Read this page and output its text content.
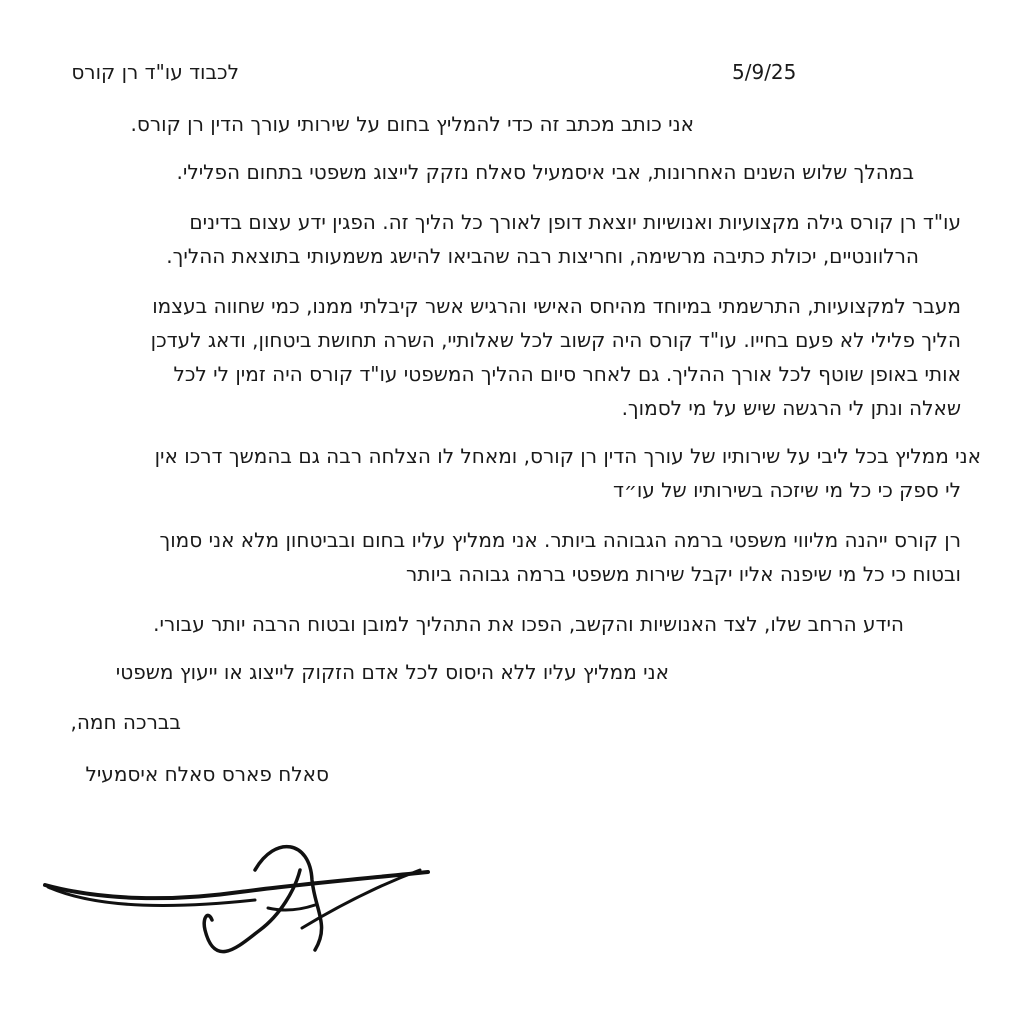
5/9/25
לכבוד עו"ד רן קורס
אני כותב מכתב זה כדי להמליץ בחום על שירותי עורך הדין רן קורס.
במהלך שלוש השנים האחרונות, אבי איסמעיל סאלח נזקק לייצוג משפטי בתחום הפלילי.
עו"ד רן קורס גילה מקצועיות ואנושיות יוצאת דופן לאורך כל הליך זה. הפגין ידע עצום בדינים
הרלוונטיים, יכולת כתיבה מרשימה, וחריצות רבה שהביאו להישג משמעותי בתוצאת ההליך.
מעבר למקצועיות, התרשמתי במיוחד מהיחס האישי והרגיש אשר קיבלתי ממנו, כמי שחווה בעצמו
הליך פלילי לא פעם בחייו. עו"ד קורס היה קשוב לכל שאלותיי, השרה תחושת ביטחון, ודאג לעדכן
אותי באופן שוטף לכל אורך ההליך. גם לאחר סיום ההליך המשפטי עו"ד קורס היה זמין לי לכל
שאלה ונתן לי הרגשה שיש על מי לסמוך.
אני ממליץ בכל ליבי על שירותיו של עורך הדין רן קורס, ומאחל לו הצלחה רבה גם בהמשך דרכו אין
לי ספק כי כל מי שיזכה בשירותיו של עו״ד
רן קורס ייהנה מליווי משפטי ברמה הגבוהה ביותר. אני ממליץ עליו בחום ובביטחון מלא אני סמוך
ובטוח כי כל מי שיפנה אליו יקבל שירות משפטי ברמה גבוהה ביותר
הידע הרחב שלו, לצד האנושיות והקשב, הפכו את התהליך למובן ובטוח הרבה יותר עבורי.
אני ממליץ עליו ללא היסוס לכל אדם הזקוק לייצוג או ייעוץ משפטי
בברכה חמה,
סאלח פארס סאלח איסמעיל
